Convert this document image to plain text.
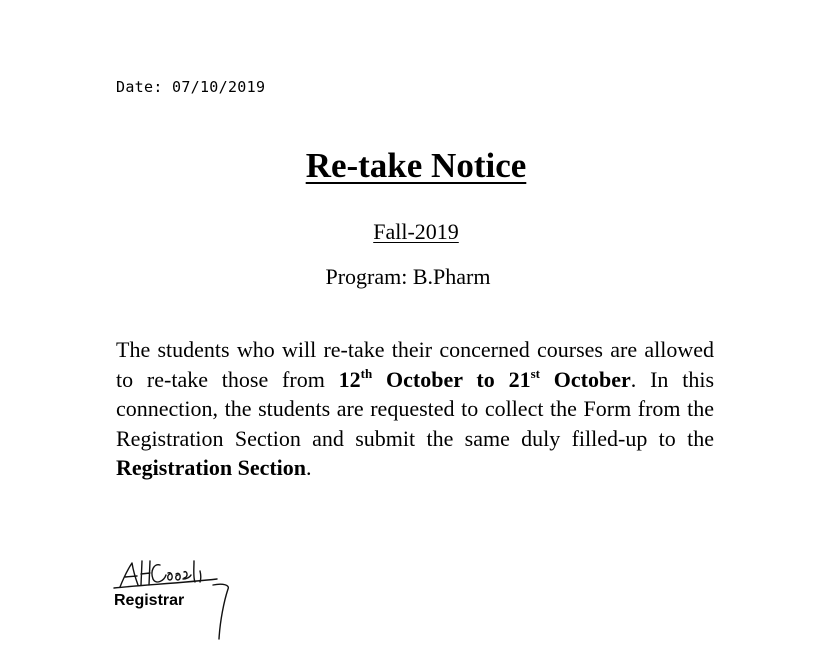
Date: 07/10/2019
Re-take Notice
Fall-2019
Program: B.Pharm

The students who will re-take their concerned courses are allowed to re-take those from 12th October to 21st October. In this connection, the students are requested to collect the Form from the Registration Section and submit the same duly filled-up to the Registration Section.

Registrar
